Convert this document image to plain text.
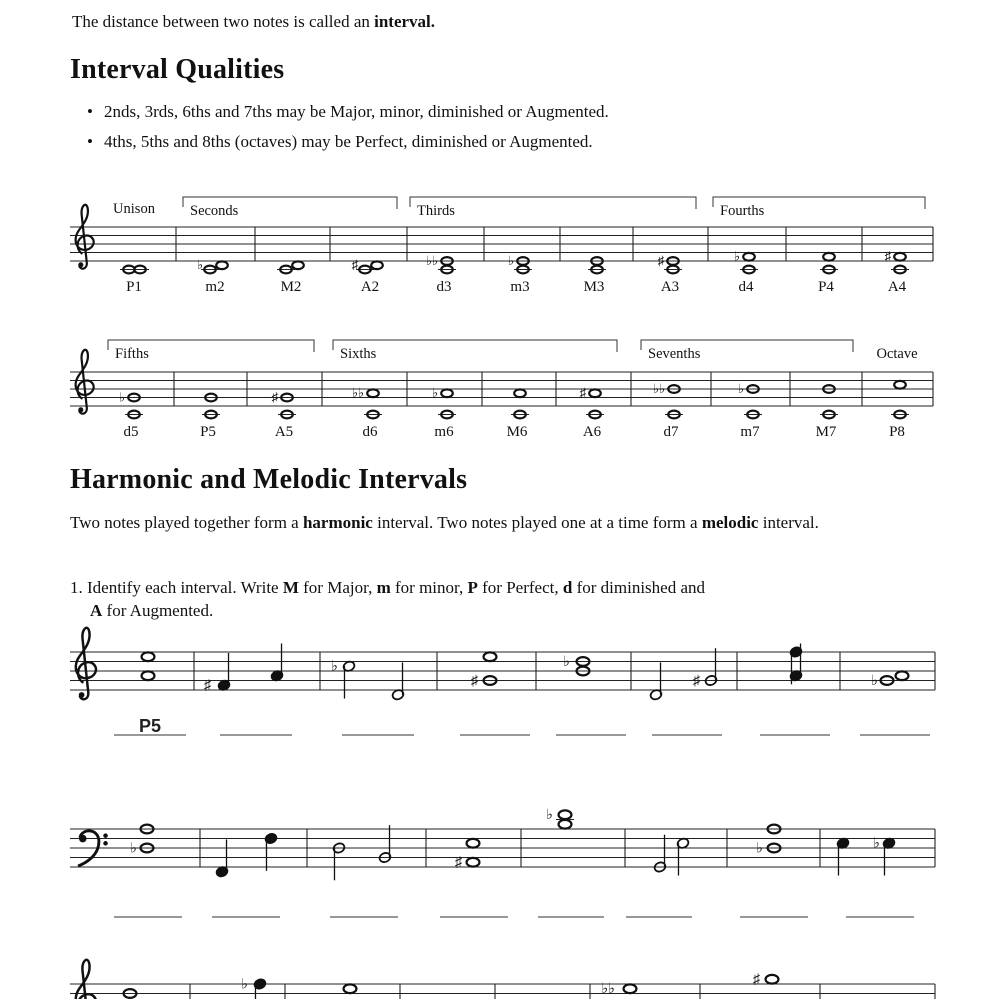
The distance between two notes is called an interval.
Interval Qualities
• 2nds, 3rds, 6ths and 7ths may be Major, minor, diminished or Augmented.
• 4ths, 5ths and 8ths (octaves) may be Perfect, diminished or Augmented.
Unison Seconds	Thirds	Fourths
P1
♭
m2	M2
♯
A2
♭♭
d3
♭
m3	M3
♯
A3
♭
d4	P4
♯
A4
Fifths	Sixths	Sevenths	Octave
♭
d5	P5
♯
A5
♭♭
d6
♭
m6	M6
♯
A6
♭♭
d7
♭
m7	M7	P8
Harmonic and Melodic Intervals
Two notes played together form a harmonic interval. Two notes played one at a time form a melodic interval.
1. Identify each interval. Write M for Major, m for minor, P for Perfect, d for diminished and
A for Augmented.
♯
♭
♯
♭
♯	♭
P5
♭
♯
♭
♭	♭
♭	♭♭
♯
